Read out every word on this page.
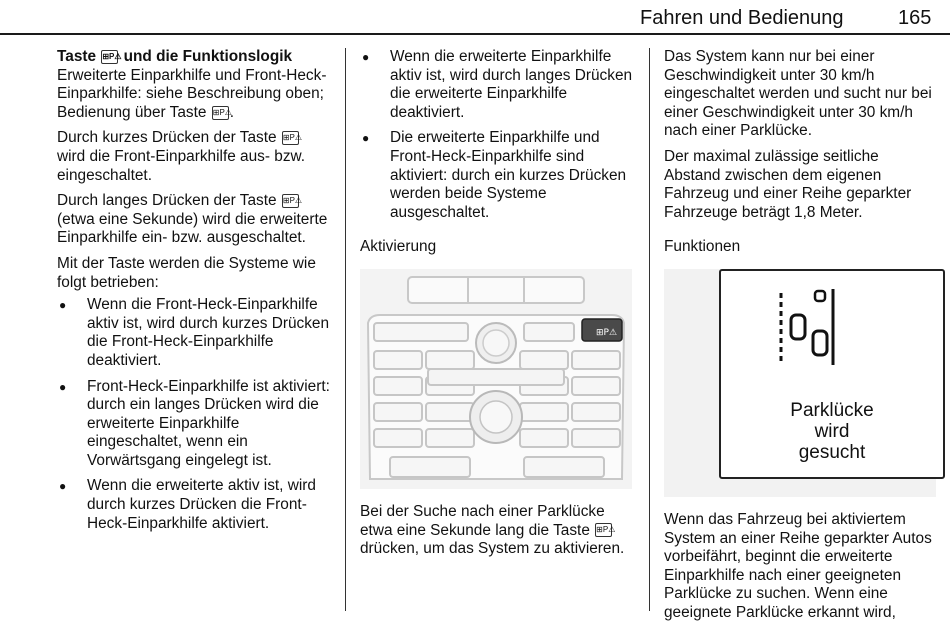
Fahren und Bedienung	165
Taste ⊞P⚠ und die Funktionslogik

Erweiterte Einparkhilfe und Front-Heck-Einparkhilfe: siehe Beschreibung oben; Bedienung über Taste ⊞P⚠.

Durch kurzes Drücken der Taste ⊞P⚠ wird die Front-Einparkhilfe aus- bzw. eingeschaltet.

Durch langes Drücken der Taste ⊞P⚠ (etwa eine Sekunde) wird die erweiterte Einparkhilfe ein- bzw. ausgeschaltet.

Mit der Taste werden die Systeme wie folgt betrieben:

● Wenn die Front-Heck-Einparkhilfe aktiv ist, wird durch kurzes Drücken die Front-Heck-Einparkhilfe deaktiviert.
● Front-Heck-Einparkhilfe ist aktiviert: durch ein langes Drücken wird die erweiterte Einparkhilfe eingeschaltet, wenn ein Vorwärtsgang eingelegt ist.
● Wenn die erweiterte aktiv ist, wird durch kurzes Drücken die Front-Heck-Einparkhilfe aktiviert.
● Wenn die erweiterte Einparkhilfe aktiv ist, wird durch langes Drücken die erweiterte Einparkhilfe deaktiviert.
● Die erweiterte Einparkhilfe und Front-Heck-Einparkhilfe sind aktiviert: durch ein kurzes Drücken werden beide Systeme ausgeschaltet.
Aktivierung
⊞P⚠

Bei der Suche nach einer Parklücke etwa eine Sekunde lang die Taste ⊞P⚠ drücken, um das System zu aktivieren.

Das System kann nur bei einer Geschwindigkeit unter 30 km/h eingeschaltet werden und sucht nur bei einer Geschwindigkeit unter 30 km/h nach einer Parklücke.

Der maximal zulässige seitliche Abstand zwischen dem eigenen Fahrzeug und einer Reihe geparkter Fahrzeuge beträgt 1,8 Meter.

Funktionen
Parklücke
wird
gesucht

Wenn das Fahrzeug bei aktiviertem System an einer Reihe geparkter Autos vorbeifährt, beginnt die erweiterte Einparkhilfe nach einer geeigneten Parklücke zu suchen. Wenn eine geeignete Parklücke erkannt wird,
